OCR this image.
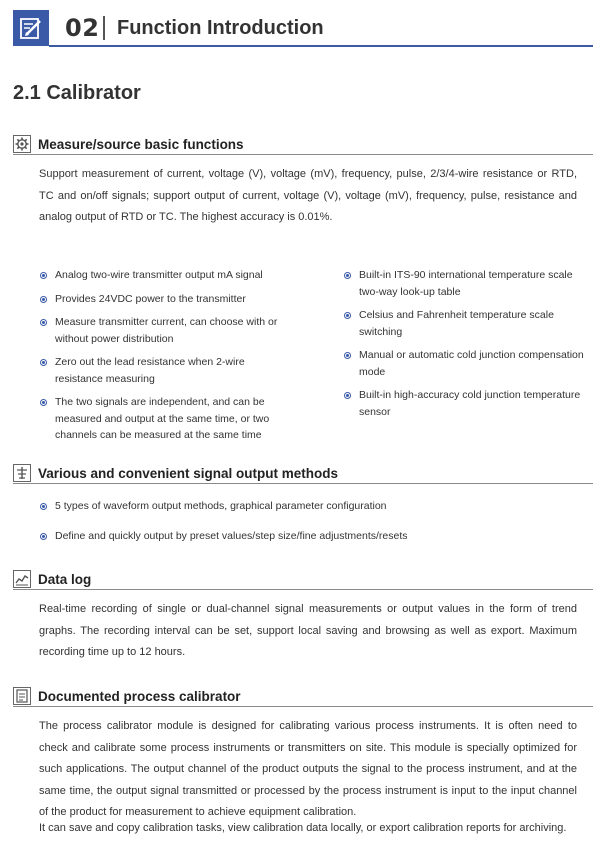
02 Function Introduction
2.1 Calibrator
Measure/source basic functions
Support measurement of current, voltage (V), voltage (mV), frequency, pulse, 2/3/4-wire resistance or RTD, TC and on/off signals; support output of current, voltage (V), voltage (mV), frequency, pulse, resistance and analog output of RTD or TC. The highest accuracy is 0.01%.
Analog two-wire transmitter output mA signal
Provides 24VDC power to the transmitter
Measure transmitter current, can choose with or without power distribution
Zero out the lead resistance when 2-wire resistance measuring
The two signals are independent, and can be measured and output at the same time, or two channels can be measured at the same time
Built-in ITS-90 international temperature scale two-way look-up table
Celsius and Fahrenheit temperature scale switching
Manual or automatic cold junction compensation mode
Built-in high-accuracy cold junction temperature sensor
Various and convenient signal output methods
5 types of waveform output methods, graphical parameter configuration
Define and quickly output by preset values/step size/fine adjustments/resets
Data log
Real-time recording of single or dual-channel signal measurements or output values in the form of trend graphs. The recording interval can be set, support local saving and browsing as well as export. Maximum recording time up to 12 hours.
Documented process calibrator
The process calibrator module is designed for calibrating various process instruments. It is often need to check and calibrate some process instruments or transmitters on site. This module is specially optimized for such applications. The output channel of the product outputs the signal to the process instrument, and at the same time, the output signal transmitted or processed by the process instrument is input to the input channel of the product for measurement to achieve equipment calibration.
It can save and copy calibration tasks, view calibration data locally, or export calibration reports for archiving.
